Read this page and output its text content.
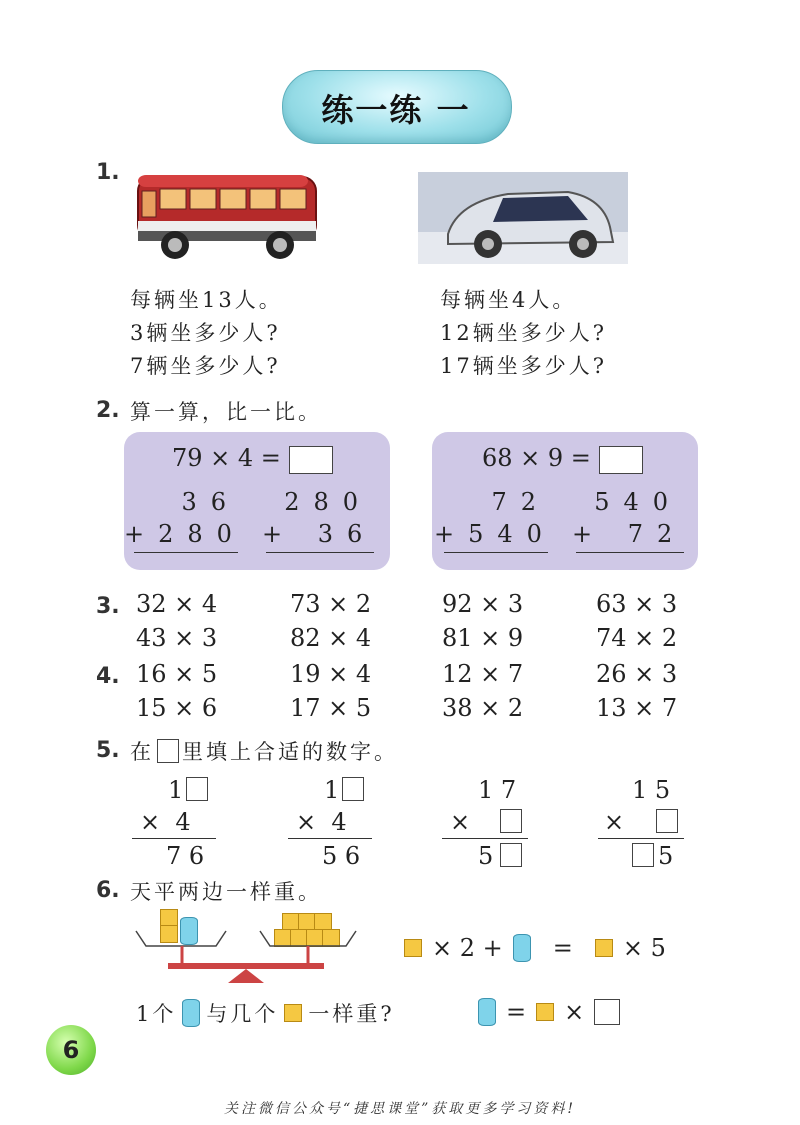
练一练 一
1.
每辆坐13人。
3辆坐多少人?
7辆坐多少人?
每辆坐4人。
12辆坐多少人?
17辆坐多少人?
2. 算一算，比一比。
79 × 4 =
36
+280
280
+ 36
68 × 9 =
72
+540
540
+ 72
3. 32 × 4	73 × 2	92 × 3	63 × 3
43 × 3	82 × 4	81 × 9	74 × 2
4. 16 × 5	19 × 4	12 × 7	26 × 3
15 × 6	17 × 5	38 × 2	13 × 7
5. 在 里填上合适的数字。
1
×  4
7 6
1
×  4
5 6
1 7
×
5
1 5
×
5
6. 天平两边一样重。
× 2 + = × 5
1个 与几个 一样重?	= ×
6
关注微信公众号“捷思课堂”获取更多学习资料!
